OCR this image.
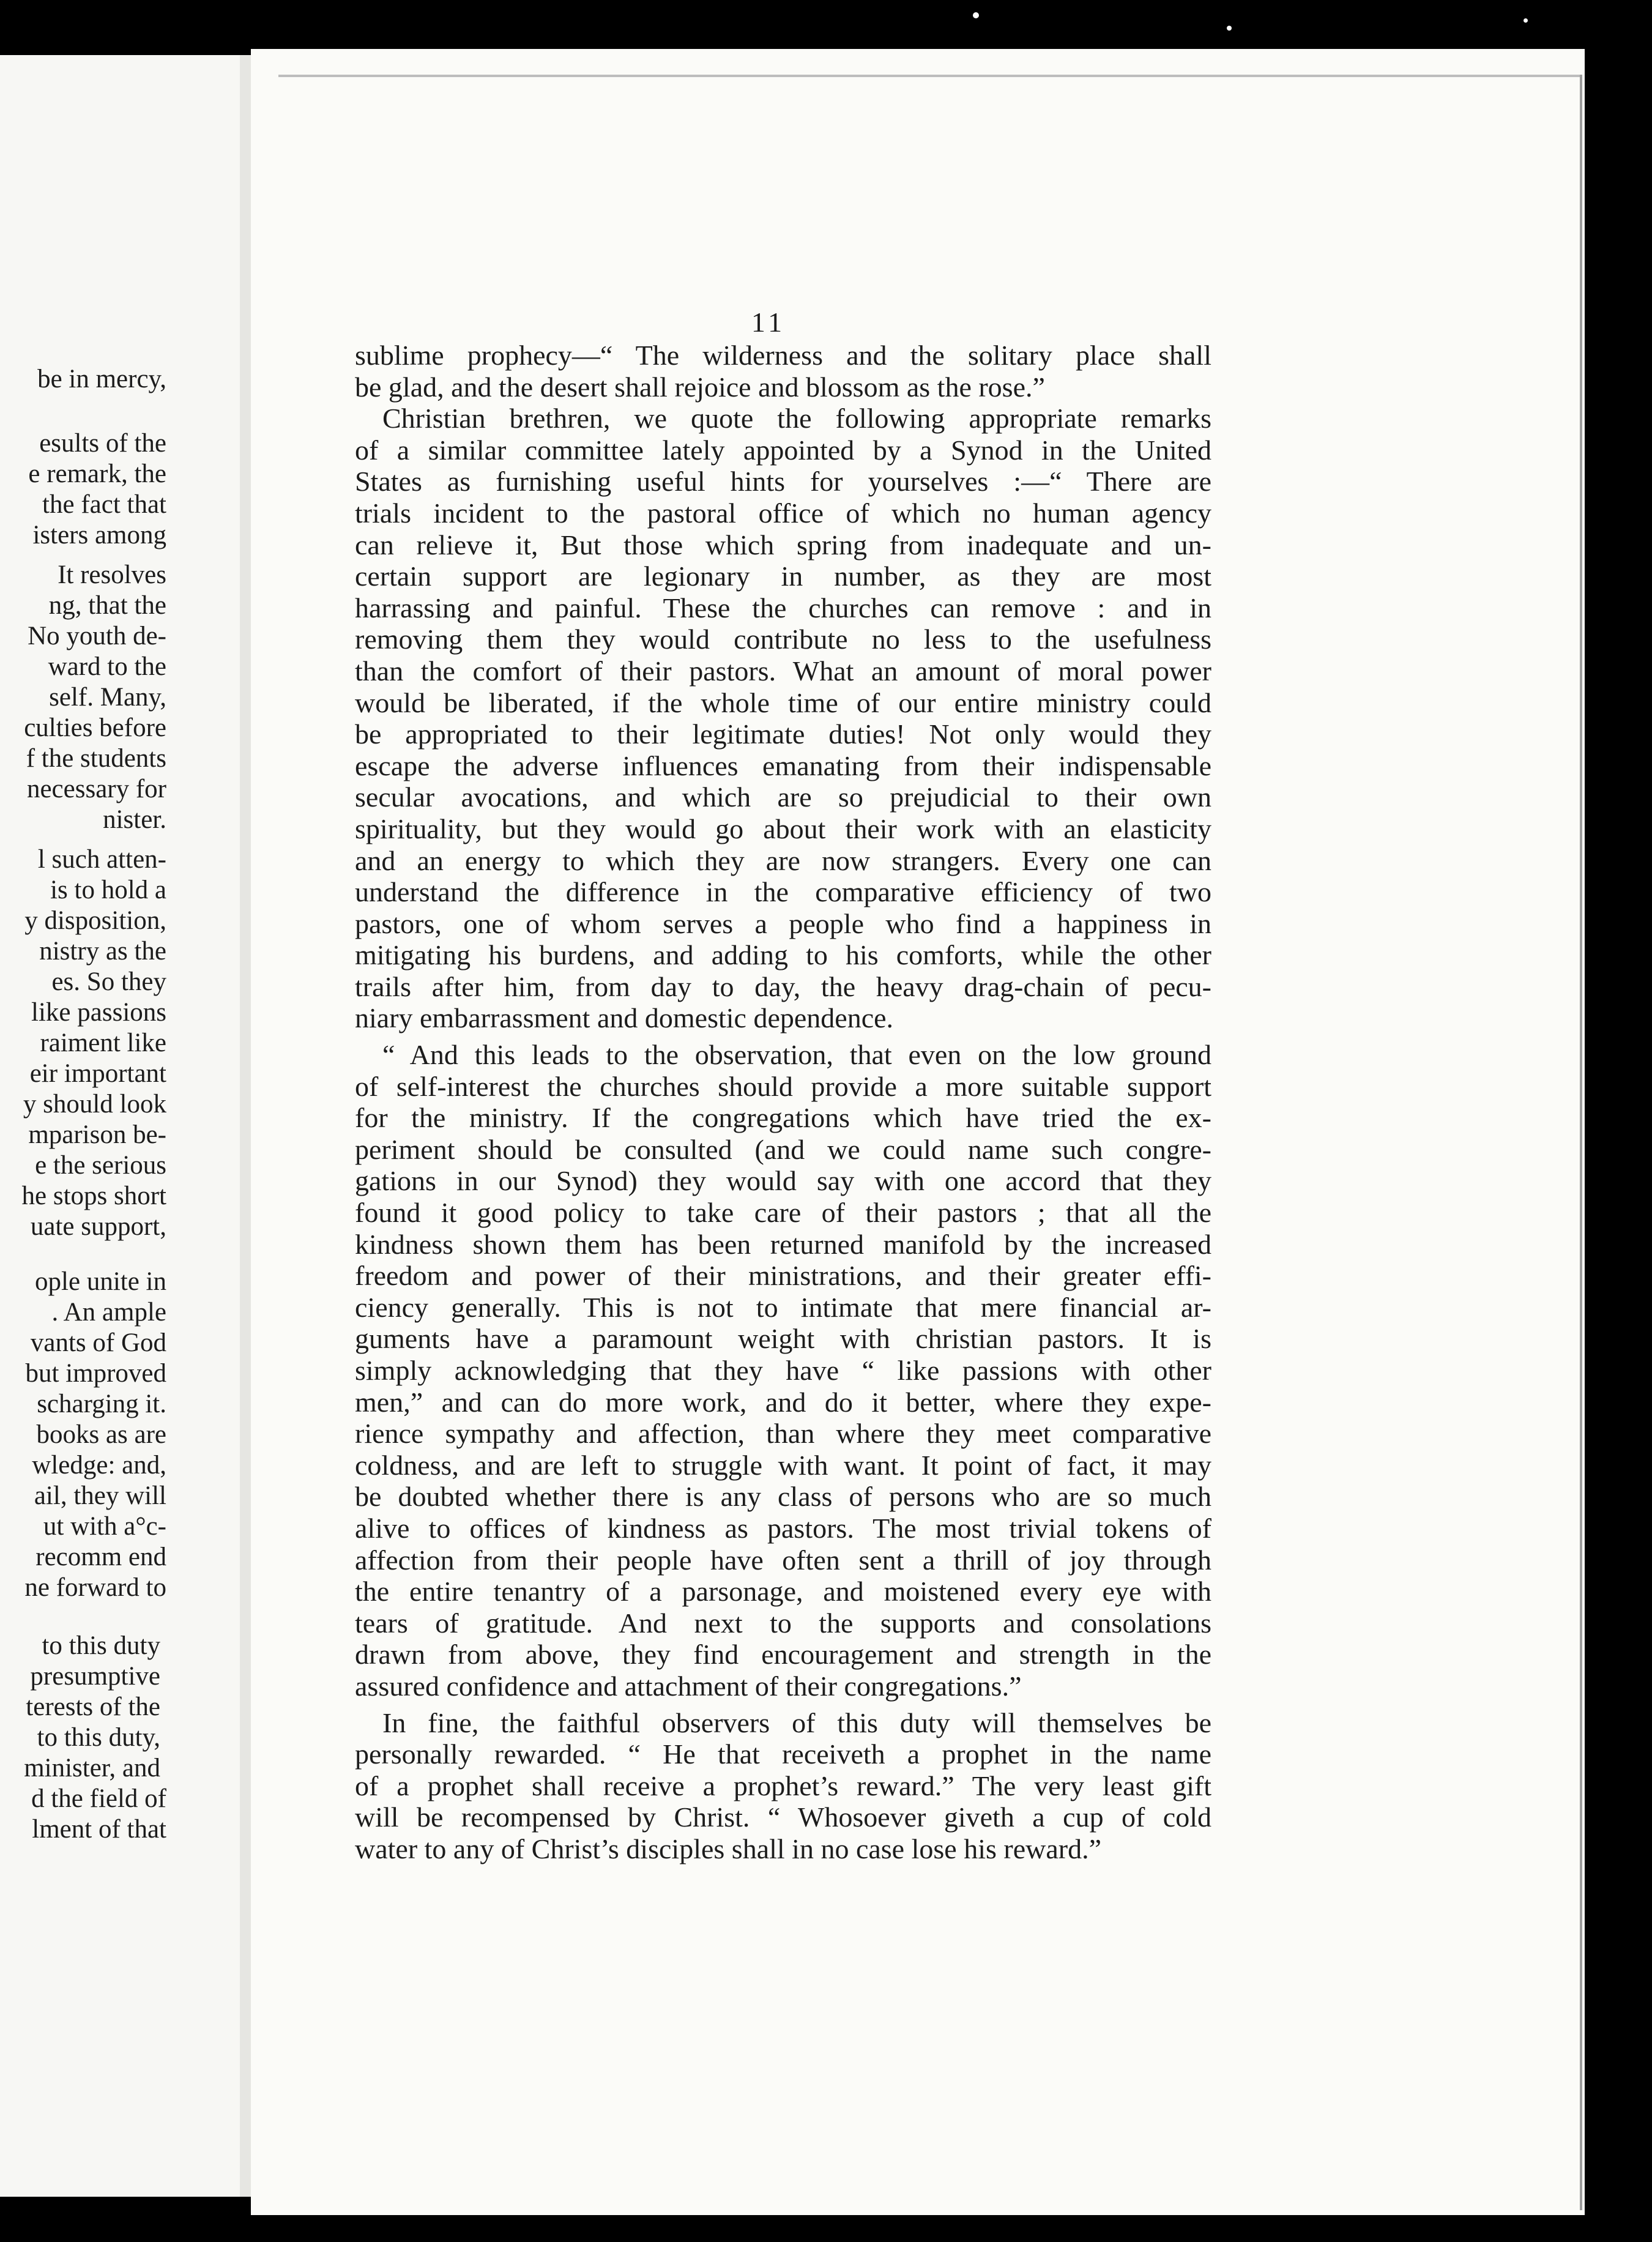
be in mercy,
esults of the
e remark, the
the fact that
isters among
It resolves
ng, that the
No youth de-
ward to the
self. Many,
culties before
f the students
necessary for
nister.
l such atten-
is to hold a
y disposition,
nistry as the
es. So they
like passions
raiment like
eir important
y should look
mparison be-
e the serious
he stops short
uate support,
ople unite in
. An ample
vants of God
but improved
scharging it.
books as are
wledge: and,
ail, they will
ut with a°c-
recomm end
ne forward to
to this duty
presumptive
terests of the
to this duty,
minister, and
d the field of
lment of that
11
sublime prophecy—“ The wilderness and the solitary place shall
be glad, and the desert shall rejoice and blossom as the rose.”
Christian brethren, we quote the following appropriate remarks
of a similar committee lately appointed by a Synod in the United
States as furnishing useful hints for yourselves :—“ There are
trials incident to the pastoral office of which no human agency
can relieve it, But those which spring from inadequate and un-
certain support are legionary in number, as they are most
harrassing and painful. These the churches can remove : and in
removing them they would contribute no less to the usefulness
than the comfort of their pastors. What an amount of moral power
would be liberated, if the whole time of our entire ministry could
be appropriated to their legitimate duties! Not only would they
escape the adverse influences emanating from their indispensable
secular avocations, and which are so prejudicial to their own
spirituality, but they would go about their work with an elasticity
and an energy to which they are now strangers. Every one can
understand the difference in the comparative efficiency of two
pastors, one of whom serves a people who find a happiness in
mitigating his burdens, and adding to his comforts, while the other
trails after him, from day to day, the heavy drag-chain of pecu-
niary embarrassment and domestic dependence.
“ And this leads to the observation, that even on the low ground
of self-interest the churches should provide a more suitable support
for the ministry. If the congregations which have tried the ex-
periment should be consulted (and we could name such congre-
gations in our Synod) they would say with one accord that they
found it good policy to take care of their pastors ; that all the
kindness shown them has been returned manifold by the increased
freedom and power of their ministrations, and their greater effi-
ciency generally. This is not to intimate that mere financial ar-
guments have a paramount weight with christian pastors. It is
simply acknowledging that they have “ like passions with other
men,” and can do more work, and do it better, where they expe-
rience sympathy and affection, than where they meet comparative
coldness, and are left to struggle with want. It point of fact, it may
be doubted whether there is any class of persons who are so much
alive to offices of kindness as pastors. The most trivial tokens of
affection from their people have often sent a thrill of joy through
the entire tenantry of a parsonage, and moistened every eye with
tears of gratitude. And next to the supports and consolations
drawn from above, they find encouragement and strength in the
assured confidence and attachment of their congregations.”
In fine, the faithful observers of this duty will themselves be
personally rewarded. “ He that receiveth a prophet in the name
of a prophet shall receive a prophet’s reward.” The very least gift
will be recompensed by Christ. “ Whosoever giveth a cup of cold
water to any of Christ’s disciples shall in no case lose his reward.”
